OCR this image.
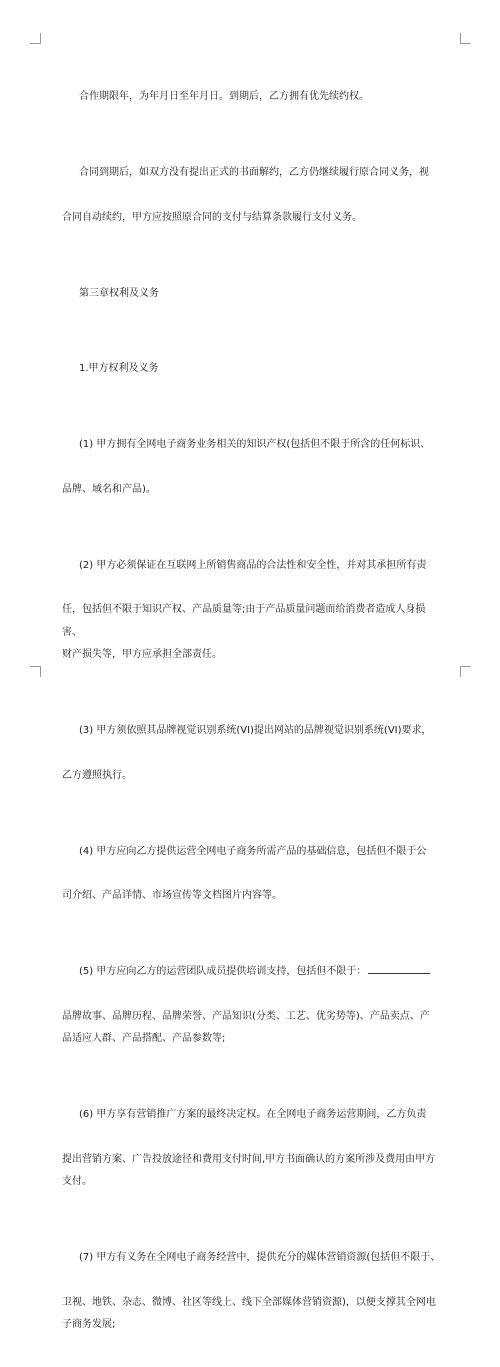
合作期限年，为年月日至年月日。到期后，乙方拥有优先续约权。

合同到期后，如双方没有提出正式的书面解约，乙方仍继续履行原合同义务，视

合同自动续约，甲方应按照原合同的支付与结算条款履行支付义务。

第三章权利及义务

1.甲方权利及义务

(1) 甲方拥有全网电子商务业务相关的知识产权(包括但不限于所含的任何标识、

品牌、域名和产品)。

(2) 甲方必须保证在互联网上所销售商品的合法性和安全性，并对其承担所有责

任，包括但不限于知识产权、产品质量等;由于产品质量问题而给消费者造成人身损害、
财产损失等，甲方应承担全部责任。

(3) 甲方须依照其品牌视觉识别系统(VI)提出网站的品牌视觉识别系统(VI)要求，

乙方遵照执行。

(4) 甲方应向乙方提供运营全网电子商务所需产品的基础信息，包括但不限于公

司介绍、产品详情、市场宣传等文档图片内容等。

(5) 甲方应向乙方的运营团队成员提供培训支持，包括但不限于：

品牌故事、品牌历程、品牌荣誉、产品知识(分类、工艺、优劣势等)、产品卖点、产
品适应人群、产品搭配、产品参数等;

(6) 甲方享有营销推广方案的最终决定权。在全网电子商务运营期间，乙方负责

提出营销方案、广告投放途径和费用支付时间,甲方书面确认的方案所涉及费用由甲方
支付。

(7) 甲方有义务在全网电子商务经营中，提供充分的媒体营销资源(包括但不限于、

卫视、地铁、杂志、微博、社区等线上、线下全部媒体营销资源)，以便支撑其全网电
子商务发展;
